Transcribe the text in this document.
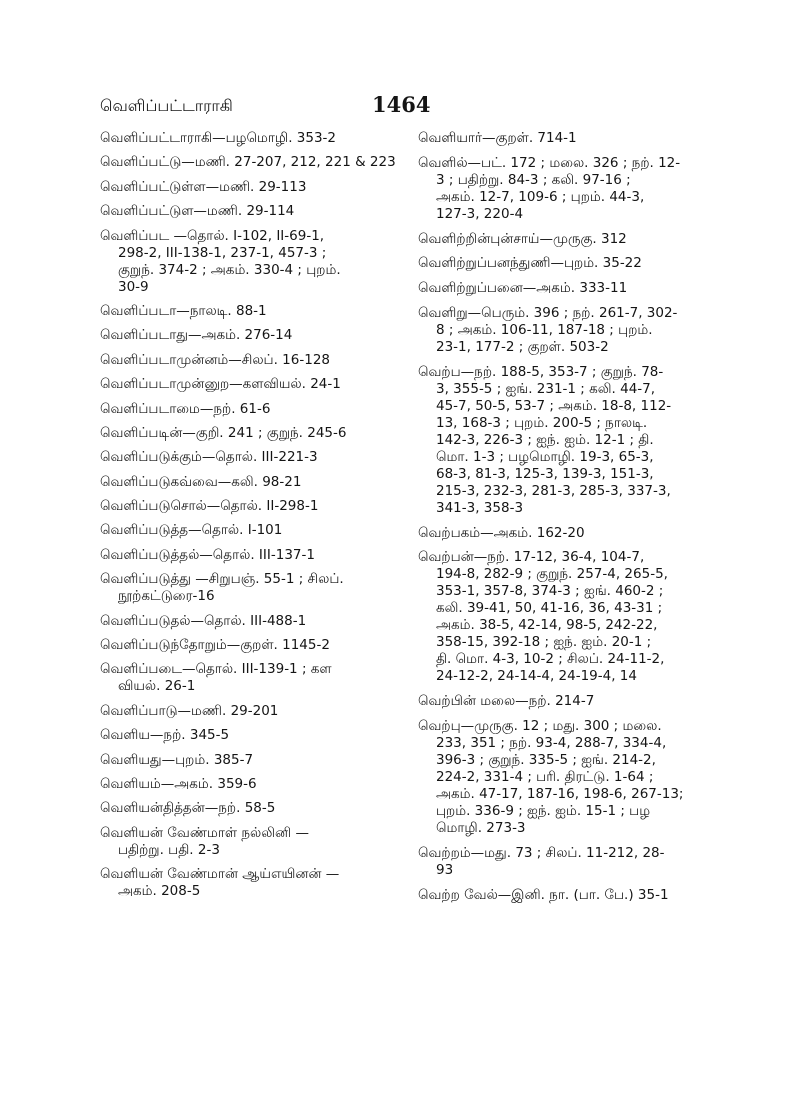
வெளிப்பட்டாராகி	1464
வெளிப்பட்டாராகி—பழமொழி. 353-2
வெளிப்பட்டு—மணி. 27-207, 212, 221 & 223
வெளிப்பட்டுள்ள—மணி. 29-113
வெளிப்பட்டுள—மணி. 29-114
வெளிப்பட —தொல். I-102, II-69-1,
298-2, III-138-1, 237-1, 457-3 ;
குறுந். 374-2 ; அகம். 330-4 ; புறம்.
30-9
வெளிப்படா—நாலடி. 88-1
வெளிப்படாது—அகம். 276-14
வெளிப்படாமுன்னம்—சிலப். 16-128
வெளிப்படாமுன்னுற—களவியல். 24-1
வெளிப்படாமை—நற். 61-6
வெளிப்படின்—குறி. 241 ; குறுந். 245-6
வெளிப்படுக்கும்—தொல். III-221-3
வெளிப்படுகவ்வை—கலி. 98-21
வெளிப்படுசொல்—தொல். II-298-1
வெளிப்படுத்த—தொல். I-101
வெளிப்படுத்தல்—தொல். III-137-1
வெளிப்படுத்து —சிறுபஞ். 55-1 ; சிலப்.
நூற்கட்டுரை-16
வெளிப்படுதல்—தொல். III-488-1
வெளிப்படுந்தோறும்—குறள். 1145-2
வெளிப்படை—தொல். III-139-1 ; கள
வியல். 26-1
வெளிப்பாடு—மணி. 29-201
வெளிய—நற். 345-5
வெளியது—புறம். 385-7
வெளியம்—அகம். 359-6
வெளியன்தித்தன்—நற். 58-5
வெளியன் வேண்மாள் நல்லினி —
பதிற்று. பதி. 2-3
வெளியன் வேண்மான் ஆய்எயினன் —
அகம். 208-5
வெளியார்—குறள். 714-1
வெளில்—பட். 172 ; மலை. 326 ; நற். 12-
3 ; பதிற்று. 84-3 ; கலி. 97-16 ;
அகம். 12-7, 109-6 ; புறம். 44-3,
127-3, 220-4
வெளிற்றின்புன்சாய்—முருகு. 312
வெளிற்றுப்பனந்துணி—புறம். 35-22
வெளிற்றுப்பனை—அகம். 333-11
வெளிறு—பெரும். 396 ; நற். 261-7, 302-
8 ; அகம். 106-11, 187-18 ; புறம்.
23-1, 177-2 ; குறள். 503-2
வெற்ப—நற். 188-5, 353-7 ; குறுந். 78-
3, 355-5 ; ஐங். 231-1 ; கலி. 44-7,
45-7, 50-5, 53-7 ; அகம். 18-8, 112-
13, 168-3 ; புறம். 200-5 ; நாலடி.
142-3, 226-3 ; ஐந். ஐம். 12-1 ; தி.
மொ. 1-3 ; பழமொழி. 19-3, 65-3,
68-3, 81-3, 125-3, 139-3, 151-3,
215-3, 232-3, 281-3, 285-3, 337-3,
341-3, 358-3
வெற்பகம்—அகம். 162-20
வெற்பன்—நற். 17-12, 36-4, 104-7,
194-8, 282-9 ; குறுந். 257-4, 265-5,
353-1, 357-8, 374-3 ; ஐங். 460-2 ;
கலி. 39-41, 50, 41-16, 36, 43-31 ;
அகம். 38-5, 42-14, 98-5, 242-22,
358-15, 392-18 ; ஐந். ஐம். 20-1 ;
தி. மொ. 4-3, 10-2 ; சிலப். 24-11-2,
24-12-2, 24-14-4, 24-19-4, 14
வெற்பின் மலை—நற். 214-7
வெற்பு—முருகு. 12 ; மது. 300 ; மலை.
233, 351 ; நற். 93-4, 288-7, 334-4,
396-3 ; குறுந். 335-5 ; ஐங். 214-2,
224-2, 331-4 ; பரி. திரட்டு. 1-64 ;
அகம். 47-17, 187-16, 198-6, 267-13;
புறம். 336-9 ; ஐந். ஐம். 15-1 ; பழ
மொழி. 273-3
வெற்றம்—மது. 73 ; சிலப். 11-212, 28-
93
வெற்ற வேல்—இனி. நா. (பா. பே.) 35-1
